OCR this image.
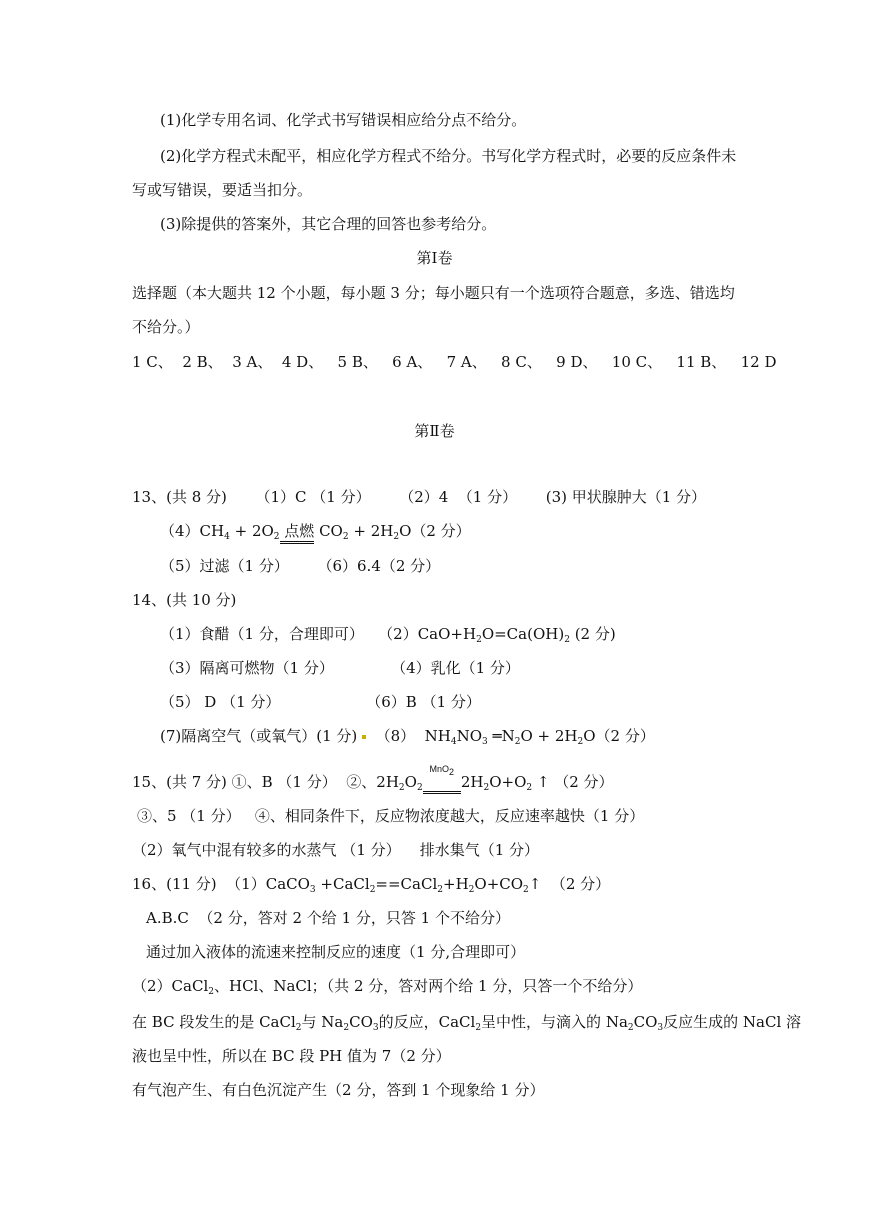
(1)化学专用名词、化学式书写错误相应给分点不给分。
(2)化学方程式未配平，相应化学方程式不给分。书写化学方程式时，必要的反应条件未
写或写错误，要适当扣分。
(3)除提供的答案外，其它合理的回答也参考给分。
第Ⅰ卷
选择题（本大题共 12 个小题，每小题 3 分；每小题只有一个选项符合题意，多选、错选均
不给分。）
1 C、  2 B、  3 A、  4 D、   5 B、   6 A、   7 A、   8 C、   9 D、   10 C、   11 B、   12 D
第Ⅱ卷
13、(共 8 分)      （1）C （1 分）      （2）4  （1 分）      (3) 甲状腺肿大（1 分）
$(4)CH_4 + 2O_2$ 点燃 $CO_2 + 2H_2O(2$ 分）
（5）过滤（1 分）      （6）6.4（2 分）
14、(共 10 分)
（1）食醋（1 分，合理即可）   $(2)CaO+H_2O=Ca(OH)_2$ (2 分)
（3）隔离可燃物（1 分）            （4）乳化（1 分）
（5） D （1 分）                  （6）B （1 分）
(7)隔离空气（或氧气）(1 分)   （8）  $NH_4NO_3$ $═N_2O + 2H_2O(2$ 分）
15、(共 7 分) ①、B （1 分）  ②、$2H_2O_2$
MnO$_2$
$2H_2O+O_2$ ↑ （2 分）
③、5 （1 分）   ④、相同条件下，反应物浓度越大，反应速率越快（1 分）
（2）氧气中混有较多的水蒸气 （1 分）    排水集气（1 分）
16、(11 分)  （1）CaCO$_3$ $+CaCl_2==CaCl_2+H_2O+CO_2↑$  （2 分）
A.B.C  （2 分，答对 2 个给 1 分，只答 1 个不给分）
通过加入液体的流速来控制反应的速度（1 分,合理即可）
（2）CaCl$_2$、HCl、NaCl；（共 2 分，答对两个给 1 分，只答一个不给分）
在 BC 段发生的是 CaCl$_2$与 $Na_2CO_3$的反应，CaCl$_2$呈中性，与滴入的 $Na_2CO_3$反应生成的 NaCl 溶
液也呈中性，所以在 BC 段 PH 值为 7（2 分）
有气泡产生、有白色沉淀产生（2 分，答到 1 个现象给 1 分）
